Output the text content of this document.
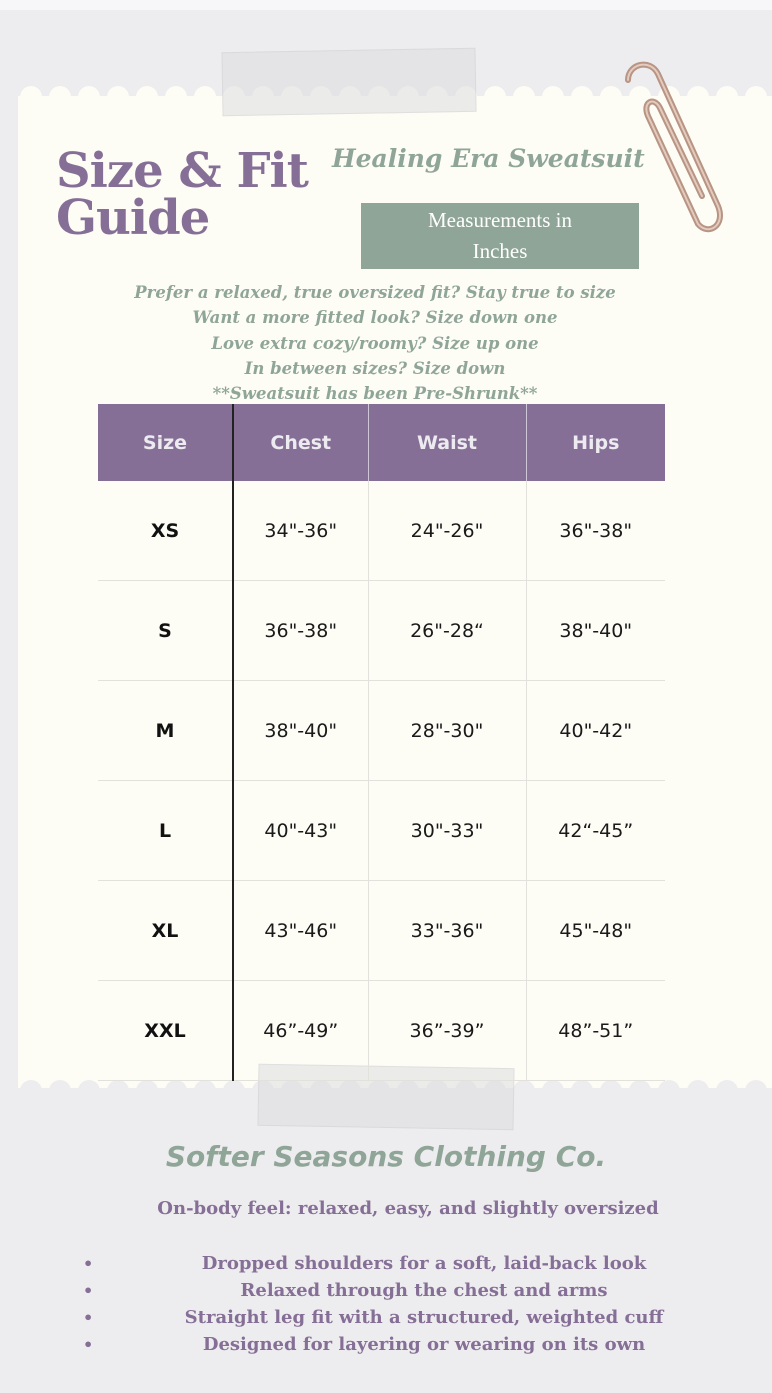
Size & Fit
Guide
Healing Era Sweatsuit
Measurements in
Inches
Prefer a relaxed, true oversized fit? Stay true to size
Want a more fitted look? Size down one
Love extra cozy/roomy? Size up one
In between sizes? Size down
**Sweatsuit has been Pre-Shrunk**
Size	Chest	Waist	Hips
XS	34"-36"	24"-26"	36"-38"
S	36"-38"	26"-28“	38"-40"
M	38"-40"	28"-30"	40"-42"
L	40"-43"	30"-33"	42“-45”
XL	43"-46"	33"-36"	45"-48"
XXL	46”-49”	36”-39”	48”-51”
Softer Seasons Clothing Co.
On-body feel: relaxed, easy, and slightly oversized
•	Dropped shoulders for a soft, laid-back look
•	Relaxed through the chest and arms
•	Straight leg fit with a structured, weighted cuff
•	Designed for layering or wearing on its own
